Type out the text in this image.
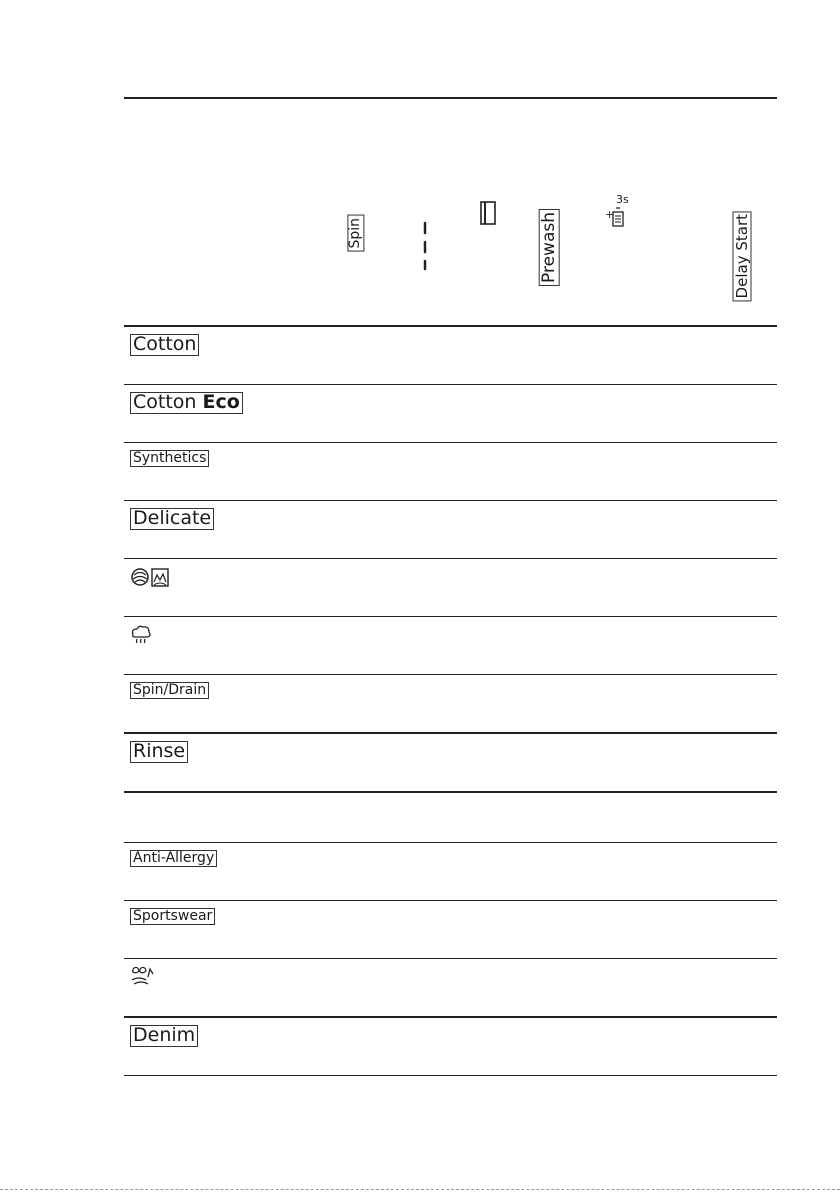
Spin	Prewash	+
3s
Delay Start
Cotton
Cotton Eco
Synthetics
Delicate
Spin/Drain
Rinse
Anti-Allergy
Sportswear
Denim
